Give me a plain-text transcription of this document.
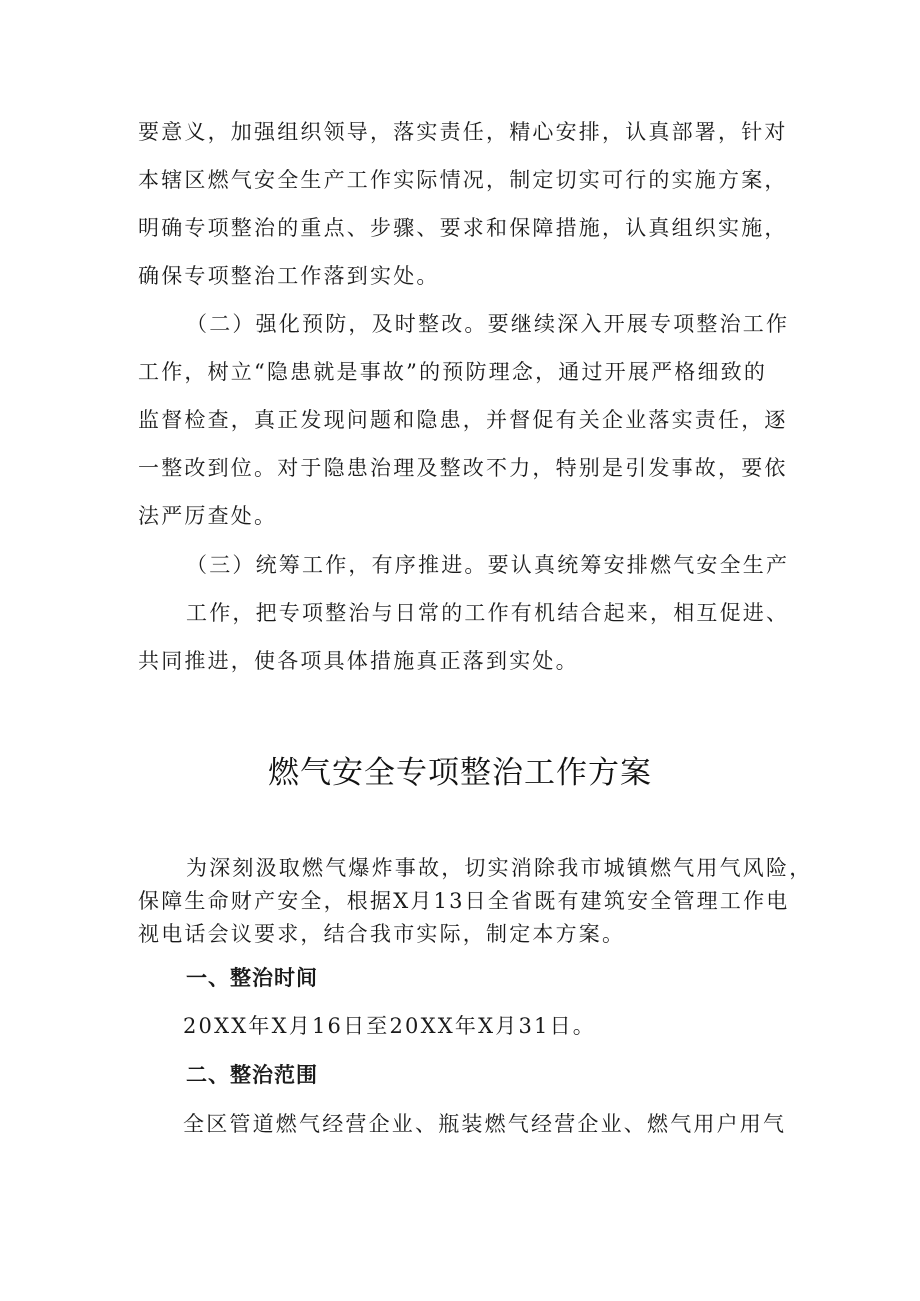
要意义，加强组织领导，落实责任，精心安排，认真部署，针对
本辖区燃气安全生产工作实际情况，制定切实可行的实施方案，
明确专项整治的重点、步骤、要求和保障措施，认真组织实施，
确保专项整治工作落到实处。
（二）强化预防，及时整改。要继续深入开展专项整治工作
工作，树立“隐患就是事故”的预防理念，通过开展严格细致的
监督检查，真正发现问题和隐患，并督促有关企业落实责任，逐
一整改到位。对于隐患治理及整改不力，特别是引发事故，要依
法严厉查处。
（三）统筹工作，有序推进。要认真统筹安排燃气安全生产
工作，把专项整治与日常的工作有机结合起来，相互促进、
共同推进，使各项具体措施真正落到实处。
燃气安全专项整治工作方案
为深刻汲取燃气爆炸事故，切实消除我市城镇燃气用气风险，
保障生命财产安全，根据X月13日全省既有建筑安全管理工作电
视电话会议要求，结合我市实际，制定本方案。
一、整治时间
20XX年X月16日至20XX年X月31日。
二、整治范围
全区管道燃气经营企业、瓶装燃气经营企业、燃气用户用气
